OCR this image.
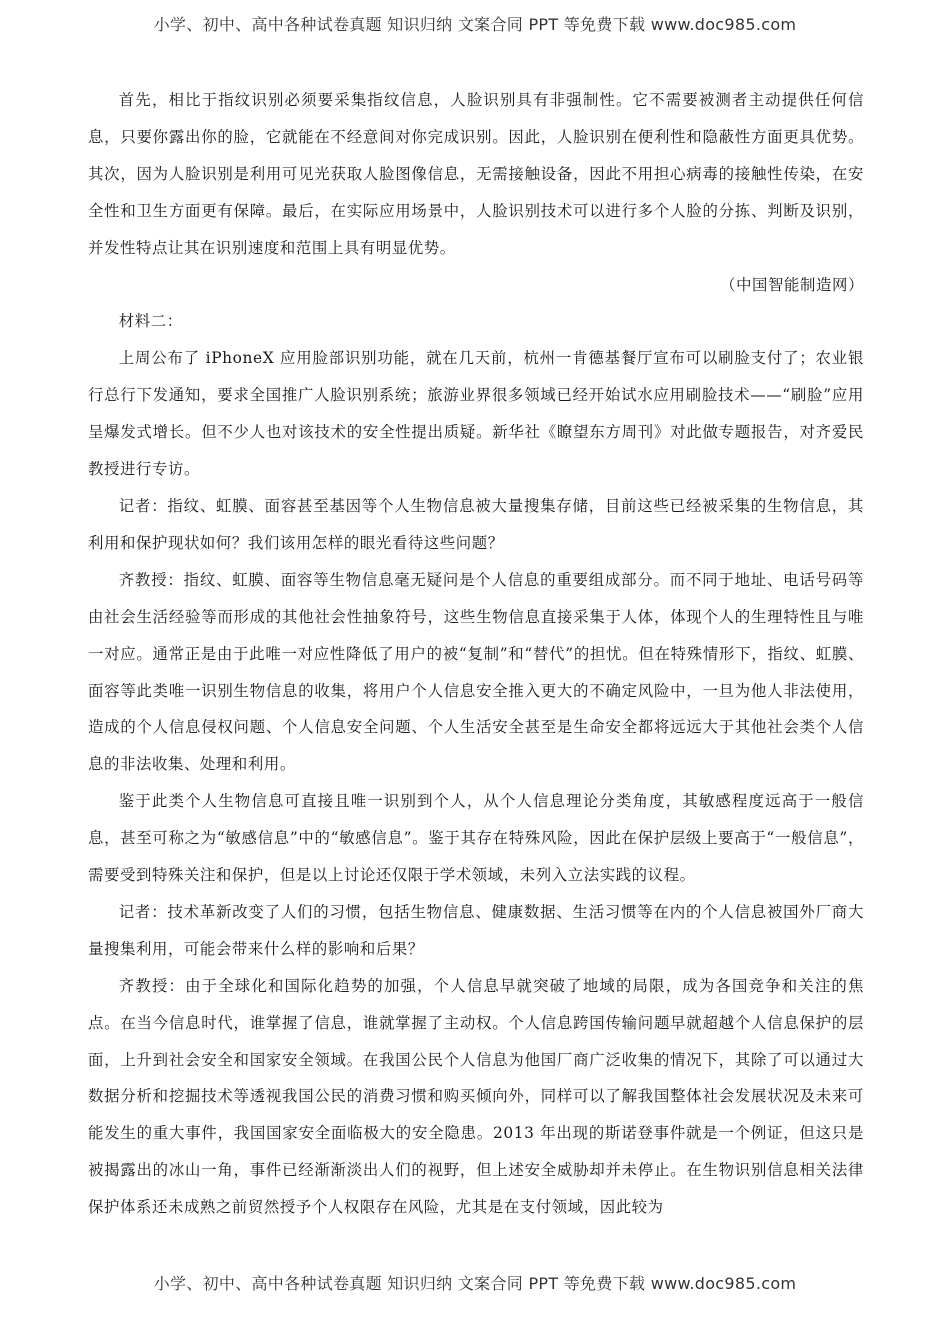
小学、初中、高中各种试卷真题 知识归纳 文案合同 PPT 等免费下载 www.doc985.com

首先，相比于指纹识别必须要采集指纹信息，人脸识别具有非强制性。它不需要被测者主动提供任何信息，只要你露出你的脸，它就能在不经意间对你完成识别。因此，人脸识别在便利性和隐蔽性方面更具优势。其次，因为人脸识别是利用可见光获取人脸图像信息，无需接触设备，因此不用担心病毒的接触性传染，在安全性和卫生方面更有保障。最后，在实际应用场景中，人脸识别技术可以进行多个人脸的分拣、判断及识别，并发性特点让其在识别速度和范围上具有明显优势。

（中国智能制造网）

材料二：

上周公布了 iPhoneX 应用脸部识别功能，就在几天前，杭州一肯德基餐厅宣布可以刷脸支付了；农业银行总行下发通知，要求全国推广人脸识别系统；旅游业界很多领域已经开始试水应用刷脸技术——“刷脸”应用呈爆发式增长。但不少人也对该技术的安全性提出质疑。新华社《瞭望东方周刊》对此做专题报告，对齐爱民教授进行专访。

记者：指纹、虹膜、面容甚至基因等个人生物信息被大量搜集存储，目前这些已经被采集的生物信息，其利用和保护现状如何？我们该用怎样的眼光看待这些问题？

齐教授：指纹、虹膜、面容等生物信息毫无疑问是个人信息的重要组成部分。而不同于地址、电话号码等由社会生活经验等而形成的其他社会性抽象符号，这些生物信息直接采集于人体，体现个人的生理特性且与唯一对应。通常正是由于此唯一对应性降低了用户的被“复制”和“替代”的担忧。但在特殊情形下，指纹、虹膜、面容等此类唯一识别生物信息的收集，将用户个人信息安全推入更大的不确定风险中，一旦为他人非法使用，造成的个人信息侵权问题、个人信息安全问题、个人生活安全甚至是生命安全都将远远大于其他社会类个人信息的非法收集、处理和利用。

鉴于此类个人生物信息可直接且唯一识别到个人，从个人信息理论分类角度，其敏感程度远高于一般信息，甚至可称之为“敏感信息”中的“敏感信息”。鉴于其存在特殊风险，因此在保护层级上要高于“一般信息”，需要受到特殊关注和保护，但是以上讨论还仅限于学术领域，未列入立法实践的议程。

记者：技术革新改变了人们的习惯，包括生物信息、健康数据、生活习惯等在内的个人信息被国外厂商大量搜集利用，可能会带来什么样的影响和后果？

齐教授：由于全球化和国际化趋势的加强，个人信息早就突破了地域的局限，成为各国竞争和关注的焦点。在当今信息时代，谁掌握了信息，谁就掌握了主动权。个人信息跨国传输问题早就超越个人信息保护的层面，上升到社会安全和国家安全领域。在我国公民个人信息为他国厂商广泛收集的情况下，其除了可以通过大数据分析和挖掘技术等透视我国公民的消费习惯和购买倾向外，同样可以了解我国整体社会发展状况及未来可能发生的重大事件，我国国家安全面临极大的安全隐患。2013 年出现的斯诺登事件就是一个例证，但这只是被揭露出的冰山一角，事件已经渐渐淡出人们的视野，但上述安全威胁却并未停止。在生物识别信息相关法律保护体系还未成熟之前贸然授予个人权限存在风险，尤其是在支付领域，因此较为

小学、初中、高中各种试卷真题 知识归纳 文案合同 PPT 等免费下载 www.doc985.com
